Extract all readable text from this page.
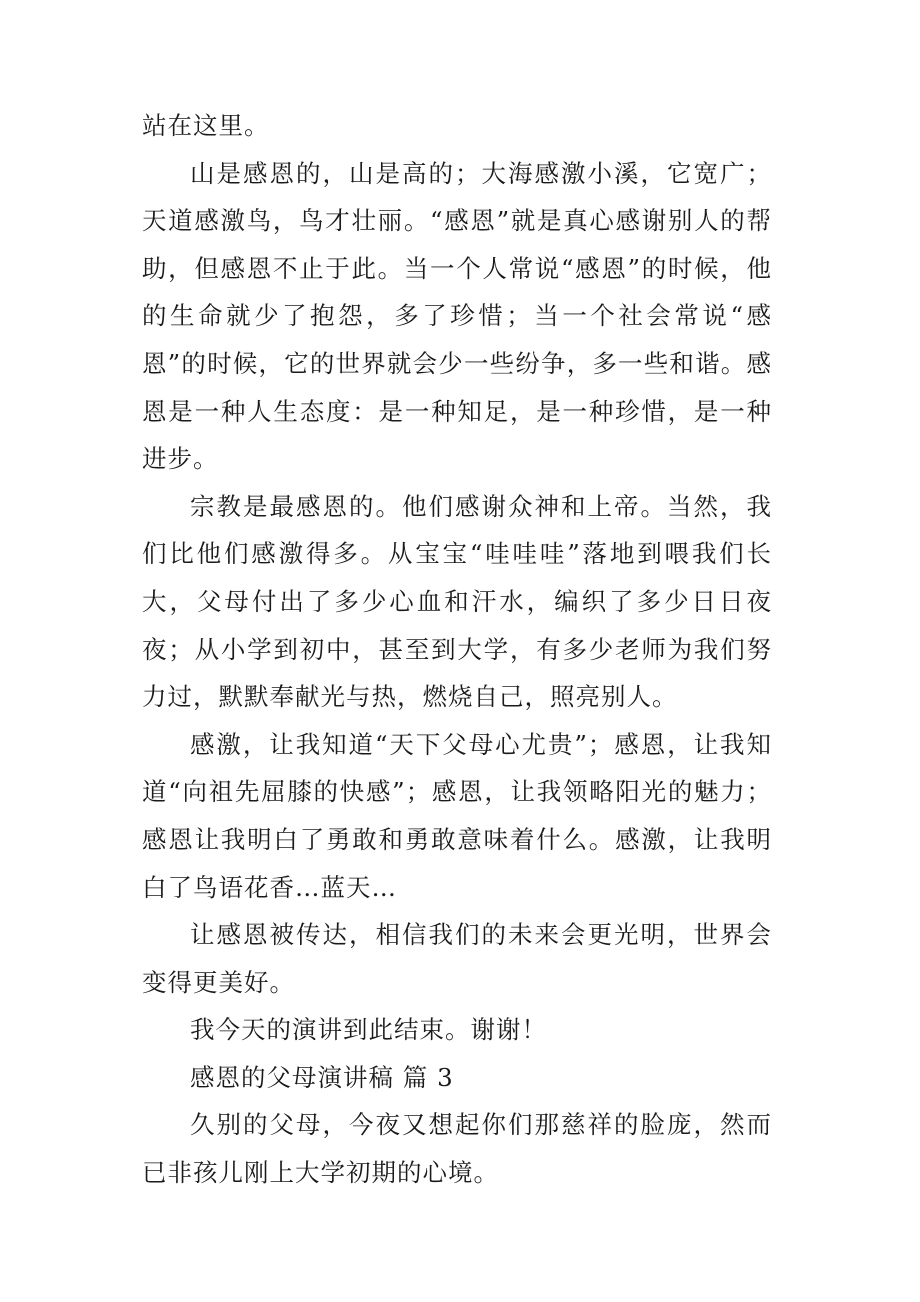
站在这里。

山是感恩的，山是高的；大海感激小溪，它宽广；天道感激鸟，鸟才壮丽。“感恩”就是真心感谢别人的帮助，但感恩不止于此。当一个人常说“感恩”的时候，他的生命就少了抱怨，多了珍惜；当一个社会常说“感恩”的时候，它的世界就会少一些纷争，多一些和谐。感恩是一种人生态度：是一种知足，是一种珍惜，是一种进步。

宗教是最感恩的。他们感谢众神和上帝。当然，我们比他们感激得多。从宝宝“哇哇哇”落地到喂我们长大，父母付出了多少心血和汗水，编织了多少日日夜夜；从小学到初中，甚至到大学，有多少老师为我们努力过，默默奉献光与热，燃烧自己，照亮别人。

感激，让我知道“天下父母心尤贵”；感恩，让我知道“向祖先屈膝的快感”；感恩，让我领略阳光的魅力；感恩让我明白了勇敢和勇敢意味着什么。感激，让我明白了鸟语花香…蓝天…

让感恩被传达，相信我们的未来会更光明，世界会变得更美好。

我今天的演讲到此结束。谢谢！

感恩的父母演讲稿 篇 3

久别的父母，今夜又想起你们那慈祥的脸庞，然而已非孩儿刚上大学初期的心境。
